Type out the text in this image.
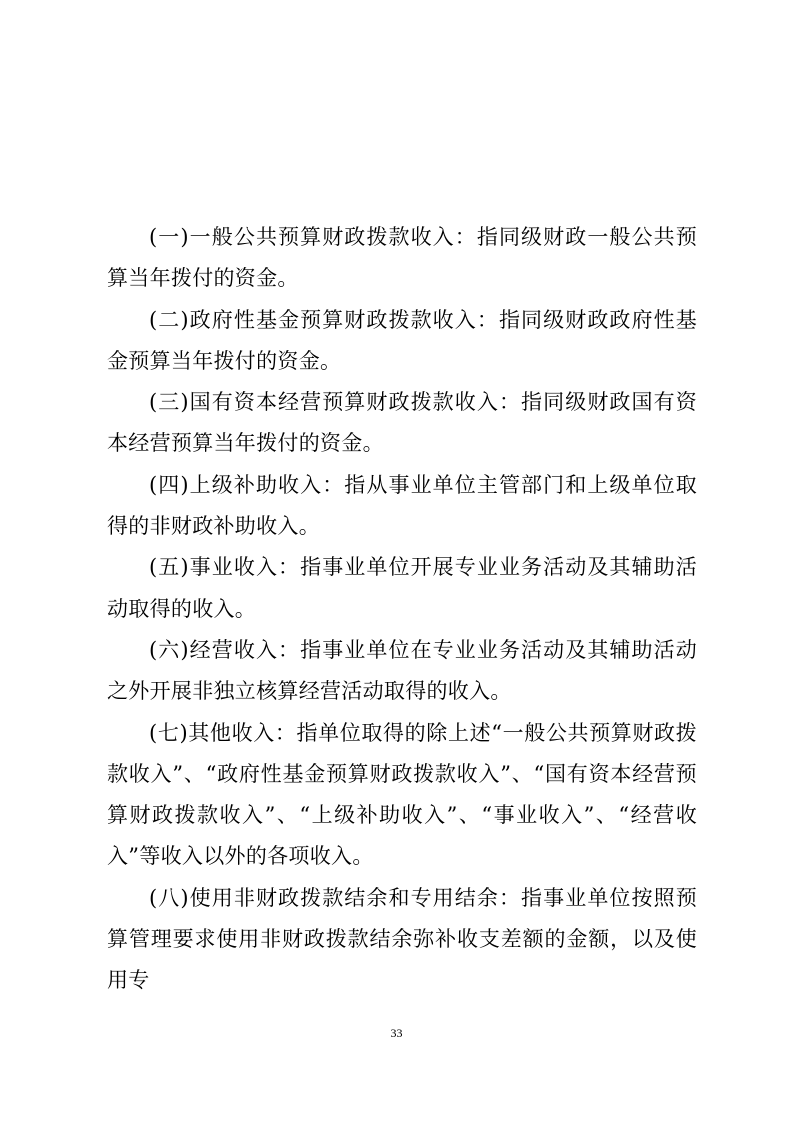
(一)一般公共预算财政拨款收入：指同级财政一般公共预算当年拨付的资金。

(二)政府性基金预算财政拨款收入：指同级财政政府性基金预算当年拨付的资金。

(三)国有资本经营预算财政拨款收入：指同级财政国有资本经营预算当年拨付的资金。

(四)上级补助收入：指从事业单位主管部门和上级单位取得的非财政补助收入。

(五)事业收入：指事业单位开展专业业务活动及其辅助活动取得的收入。

(六)经营收入：指事业单位在专业业务活动及其辅助活动之外开展非独立核算经营活动取得的收入。

(七)其他收入：指单位取得的除上述“一般公共预算财政拨款收入”、“政府性基金预算财政拨款收入”、“国有资本经营预算财政拨款收入”、“上级补助收入”、“事业收入”、“经营收入”等收入以外的各项收入。

(八)使用非财政拨款结余和专用结余：指事业单位按照预算管理要求使用非财政拨款结余弥补收支差额的金额，以及使用专

33
